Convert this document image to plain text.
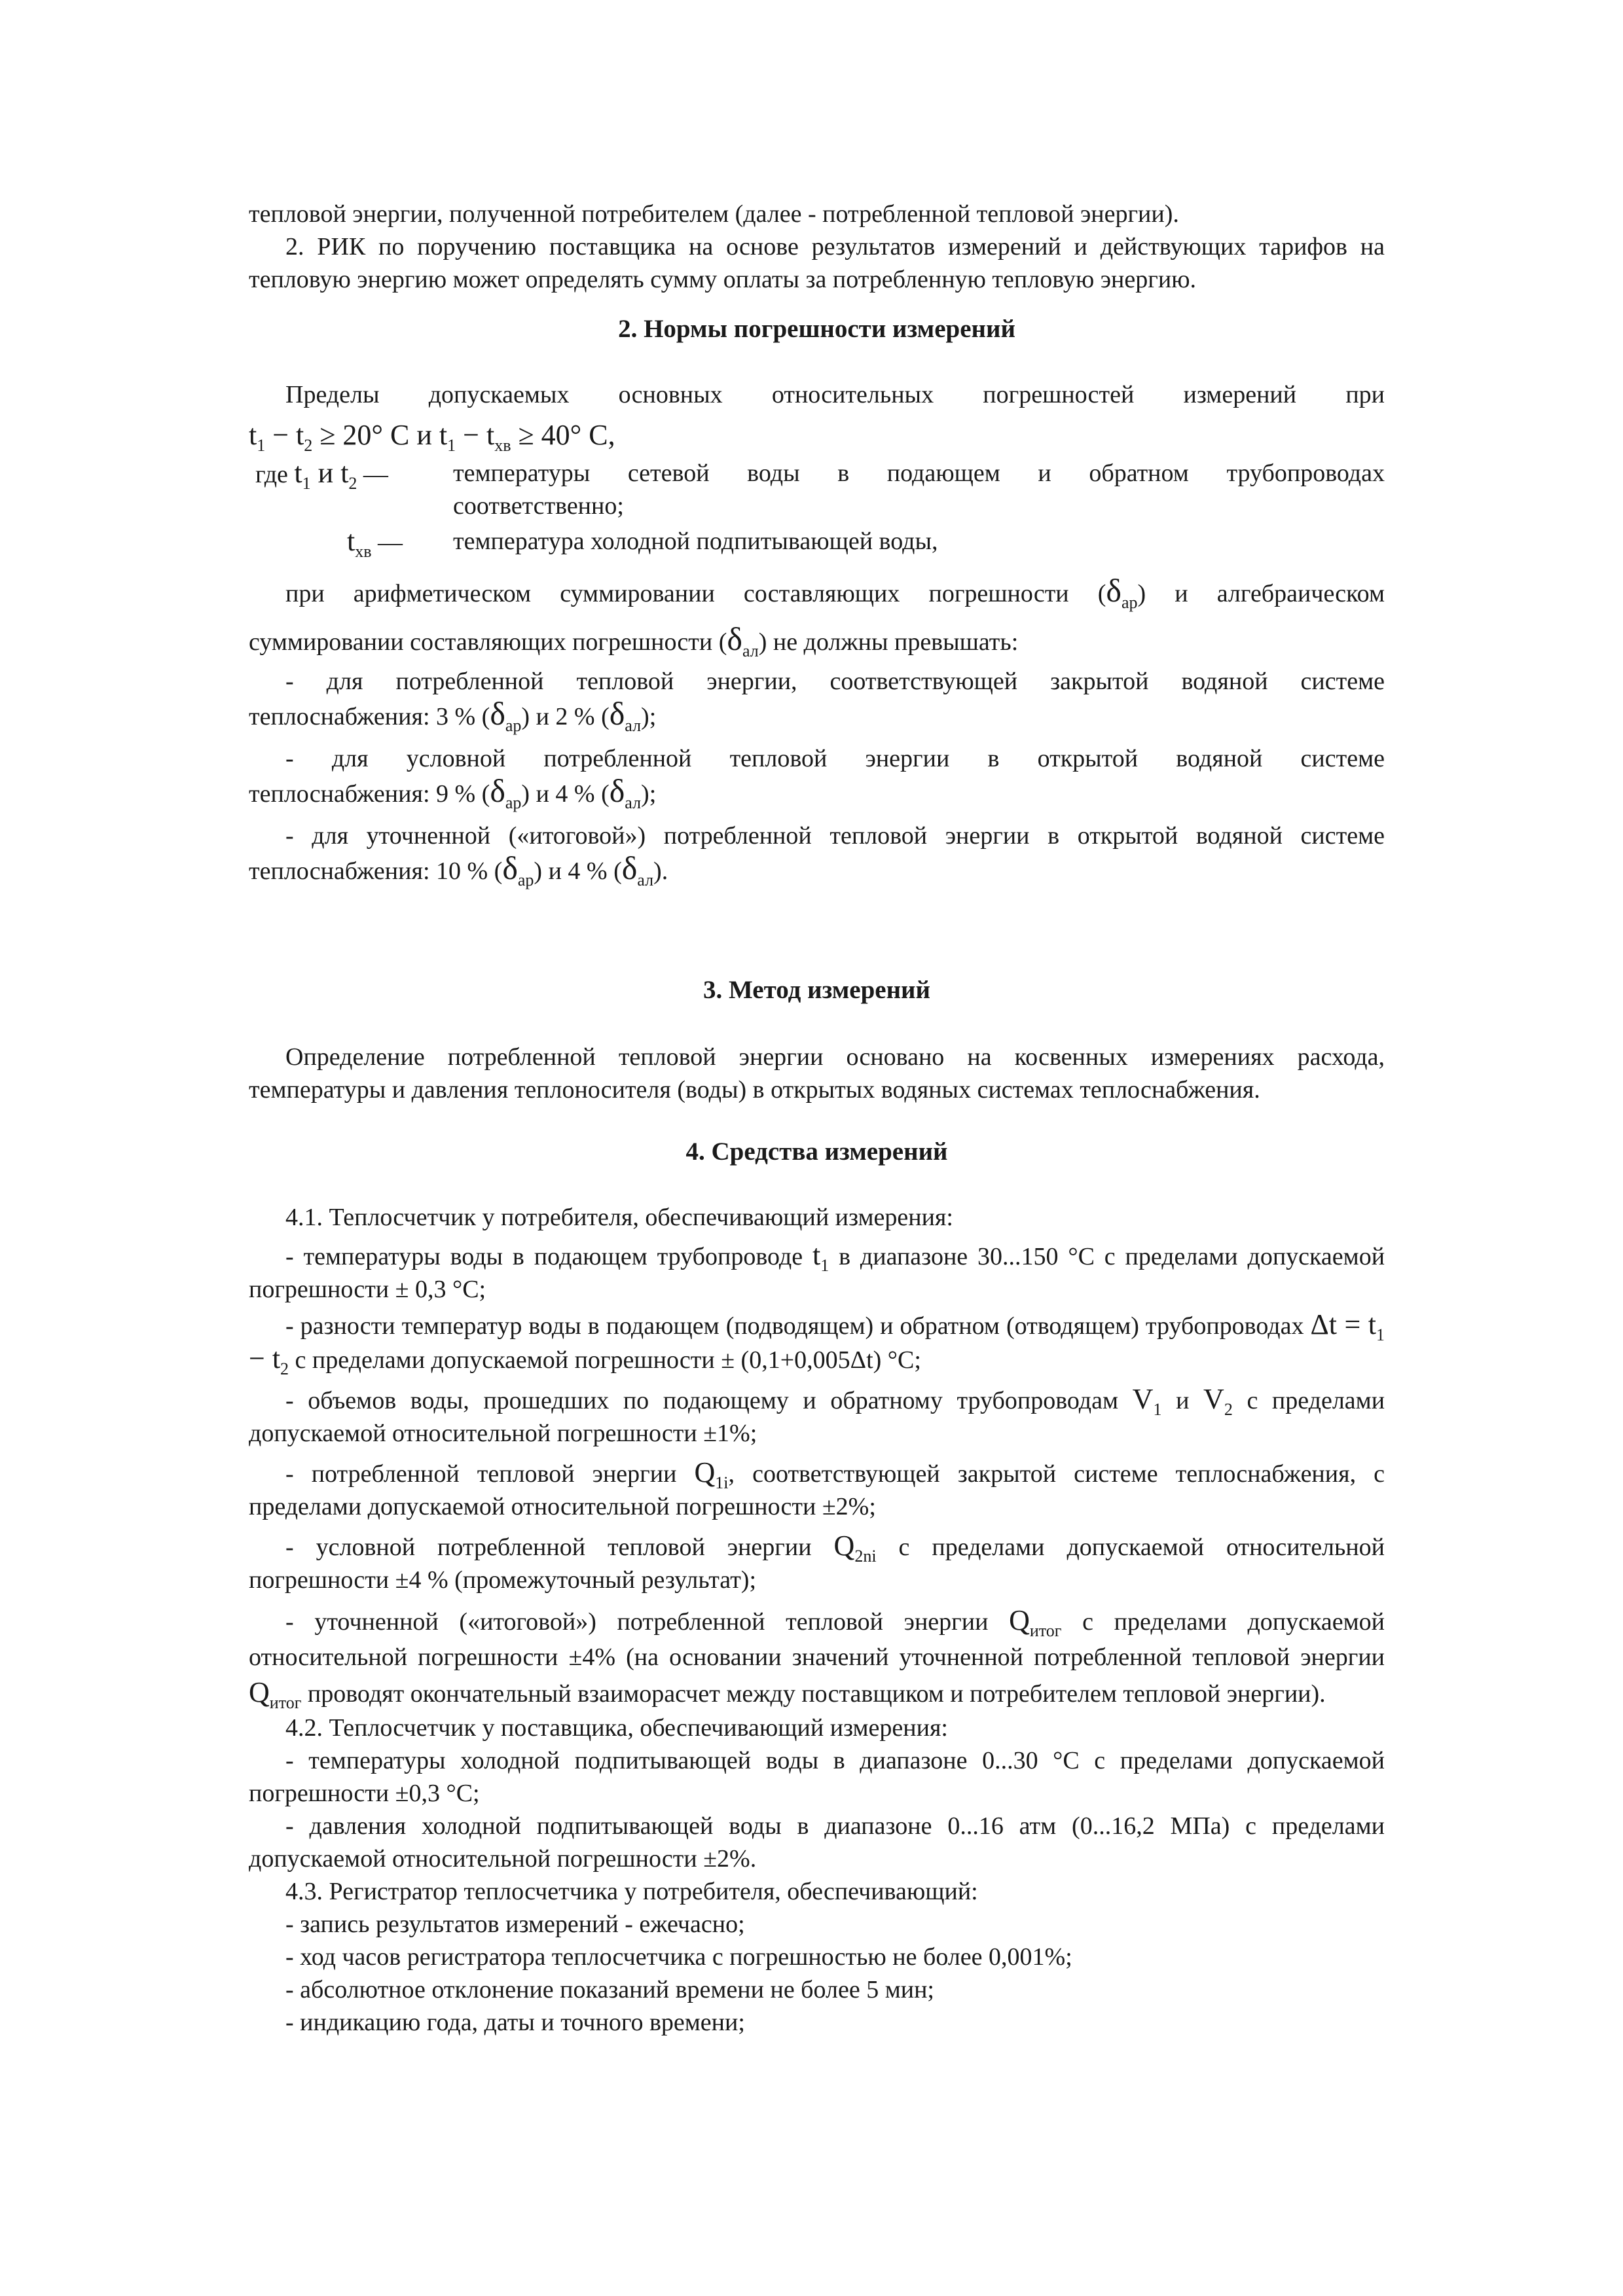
тепловой энергии, полученной потребителем (далее - потребленной тепловой энергии).

2. РИК по поручению поставщика на основе результатов измерений и действующих тарифов на тепловую энергию может определять сумму оплаты за потребленную тепловую энергию.

2. Нормы погрешности измерений

Пределы допускаемых основных относительных погрешностей измерений при

$t_1 - t_2 \ge 20^\circ$ C и $t_1 - t_{хв} \ge 40^\circ$ C,

где $t_1$ и $t_2$ —	температуры сетевой воды в подающем и обратном трубопроводах

соответственно;

$t_{хв}$ —	температура холодной подпитывающей воды,

при арифметическом суммировании составляющих погрешности $(\delta_{ар})$ и алгебраическом

суммировании составляющих погрешности $(\delta_{ал})$ не должны превышать:

- для потребленной тепловой энергии, соответствующей закрытой водяной системе

теплоснабжения: 3 % $(\delta_{ар})$ и 2 % $(\delta_{ал})$;

- для условной потребленной тепловой энергии в открытой водяной системе

теплоснабжения: 9 % $(\delta_{ар})$ и 4 % $(\delta_{ал})$;

- для уточненной («итоговой») потребленной тепловой энергии в открытой водяной системе

теплоснабжения: 10 % $(\delta_{ар})$ и 4 % $(\delta_{ал})$.

3. Метод измерений

Определение потребленной тепловой энергии основано на косвенных измерениях расхода, температуры и давления теплоносителя (воды) в открытых водяных системах теплоснабжения.

4. Средства измерений

4.1. Теплосчетчик у потребителя, обеспечивающий измерения:

- температуры воды в подающем трубопроводе $t_1$ в диапазоне 30...150 °С с пределами допускаемой погрешности ± 0,3 °С;

- разности температур воды в подающем (подводящем) и обратном (отводящем) трубопроводах $\Delta t = t_1 - t_2$ с пределами допускаемой погрешности ± (0,1+0,005Δt) °С;

- объемов воды, прошедших по подающему и обратному трубопроводам $V_1$ и $V_2$ с пределами допускаемой относительной погрешности ±1%;

- потребленной тепловой энергии $Q_{1i}$, соответствующей закрытой системе теплоснабжения, с пределами допускаемой относительной погрешности ±2%;

- условной потребленной тепловой энергии $Q_{2ni}$ с пределами допускаемой относительной погрешности ±4 % (промежуточный результат);

- уточненной («итоговой») потребленной тепловой энергии $Q_{итог}$ с пределами допускаемой относительной погрешности ±4% (на основании значений уточненной потребленной тепловой энергии $Q_{итог}$ проводят окончательный взаиморасчет между поставщиком и потребителем тепловой энергии).

4.2. Теплосчетчик у поставщика, обеспечивающий измерения:

- температуры холодной подпитывающей воды в диапазоне 0...30 °С с пределами допускаемой погрешности ±0,3 °С;

- давления холодной подпитывающей воды в диапазоне 0...16 атм (0...16,2 МПа) с пределами допускаемой относительной погрешности ±2%.

4.3. Регистратор теплосчетчика у потребителя, обеспечивающий:

- запись результатов измерений - ежечасно;

- ход часов регистратора теплосчетчика с погрешностью не более 0,001%;

- абсолютное отклонение показаний времени не более 5 мин;

- индикацию года, даты и точного времени;
